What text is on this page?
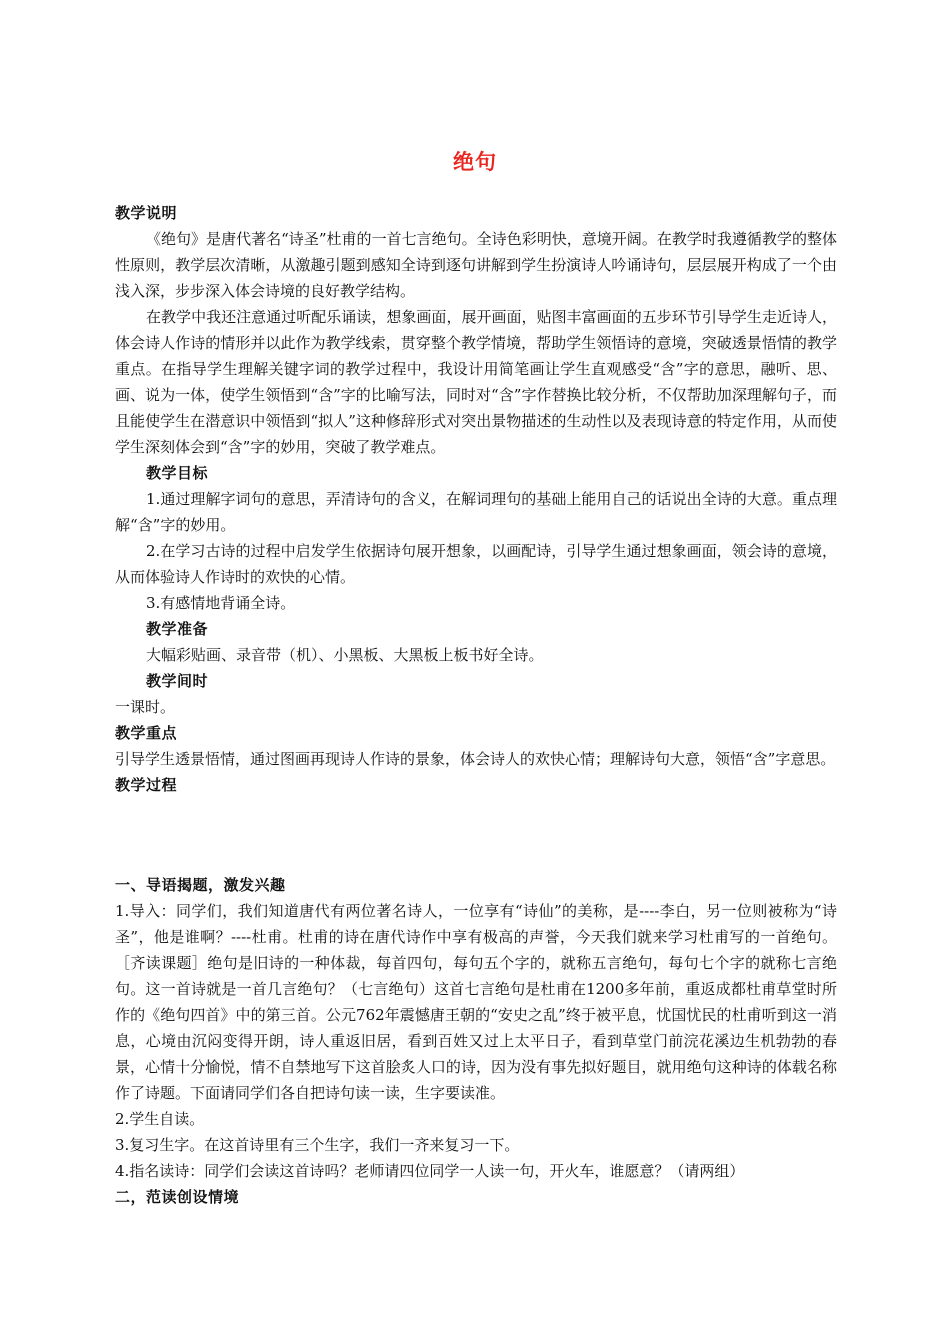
绝句

教学说明

《绝句》是唐代著名“诗圣”杜甫的一首七言绝句。全诗色彩明快，意境开阔。在教学时我遵循教学的整体性原则，教学层次清晰，从激趣引题到感知全诗到逐句讲解到学生扮演诗人吟诵诗句，层层展开构成了一个由浅入深，步步深入体会诗境的良好教学结构。

在教学中我还注意通过听配乐诵读，想象画面，展开画面，贴图丰富画面的五步环节引导学生走近诗人，体会诗人作诗的情形并以此作为教学线索，贯穿整个教学情境，帮助学生领悟诗的意境，突破透景悟情的教学重点。在指导学生理解关键字词的教学过程中，我设计用简笔画让学生直观感受“含”字的意思，融听、思、画、说为一体，使学生领悟到“含”字的比喻写法，同时对“含”字作替换比较分析，不仅帮助加深理解句子，而且能使学生在潜意识中领悟到“拟人”这种修辞形式对突出景物描述的生动性以及表现诗意的特定作用，从而使学生深刻体会到“含”字的妙用，突破了教学难点。

教学目标

1.通过理解字词句的意思，弄清诗句的含义，在解词理句的基础上能用自己的话说出全诗的大意。重点理解“含”字的妙用。

2.在学习古诗的过程中启发学生依据诗句展开想象，以画配诗，引导学生通过想象画面，领会诗的意境，从而体验诗人作诗时的欢快的心情。

3.有感情地背诵全诗。

教学准备

大幅彩贴画、录音带（机）、小黑板、大黑板上板书好全诗。

教学间时

一课时。

教学重点

引导学生透景悟情，通过图画再现诗人作诗的景象，体会诗人的欢快心情；理解诗句大意，领悟“含”字意思。

教学过程

一、导语揭题，激发兴趣

1.导入：同学们，我们知道唐代有两位著名诗人，一位享有“诗仙”的美称，是----李白，另一位则被称为“诗圣”，他是谁啊？----杜甫。杜甫的诗在唐代诗作中享有极高的声誉，今天我们就来学习杜甫写的一首绝句。［齐读课题］绝句是旧诗的一种体裁，每首四句，每句五个字的，就称五言绝句，每句七个字的就称七言绝句。这一首诗就是一首几言绝句？（七言绝句）这首七言绝句是杜甫在1200多年前，重返成都杜甫草堂时所作的《绝句四首》中的第三首。公元762年震憾唐王朝的“安史之乱”终于被平息，忧国忧民的杜甫听到这一消息，心境由沉闷变得开朗，诗人重返旧居，看到百姓又过上太平日子，看到草堂门前浣花溪边生机勃勃的春景，心情十分愉悦，情不自禁地写下这首脍炙人口的诗，因为没有事先拟好题目，就用绝句这种诗的体载名称作了诗题。下面请同学们各自把诗句读一读，生字要读准。

2.学生自读。

3.复习生字。在这首诗里有三个生字，我们一齐来复习一下。

4.指名读诗：同学们会读这首诗吗？老师请四位同学一人读一句，开火车，谁愿意？（请两组）

二，范读创设情境
